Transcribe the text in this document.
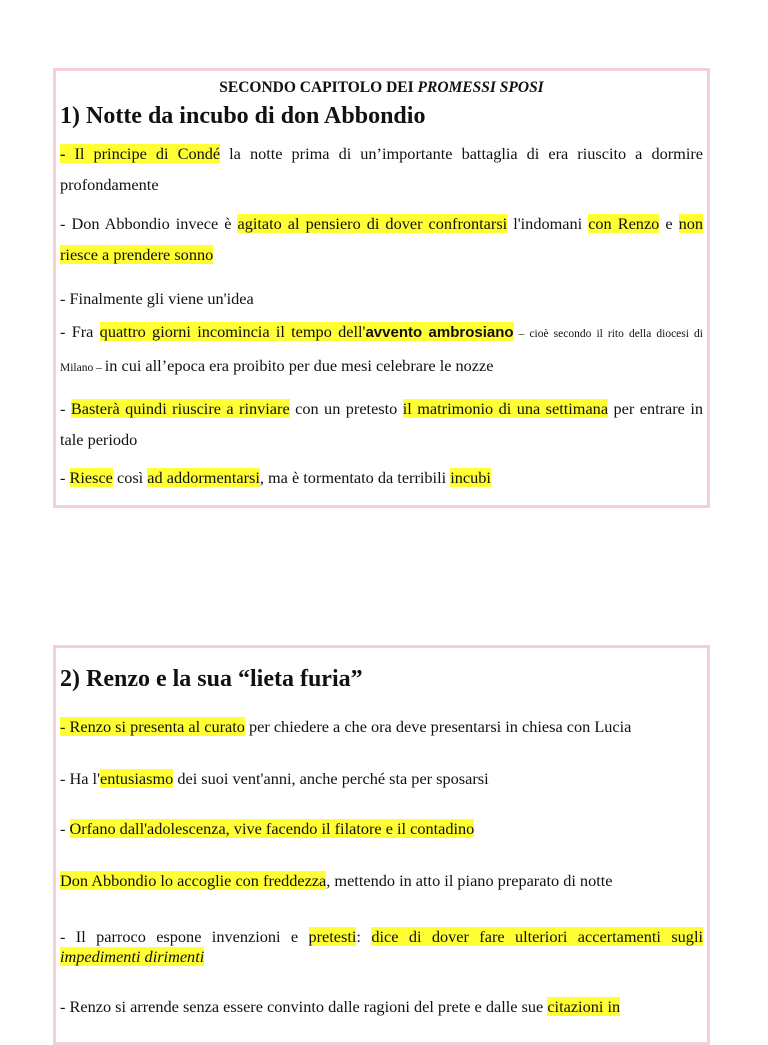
SECONDO CAPITOLO DEI PROMESSI SPOSI
1) Notte da incubo di don Abbondio

- Il principe di Condé la notte prima di un’importante battaglia di era riuscito a dormire profondamente

- Don Abbondio invece è agitato al pensiero di dover confrontarsi l'indomani con Renzo e non riesce a prendere sonno

- Finalmente gli viene un'idea

- Fra quattro giorni incomincia il tempo dell'avvento ambrosiano – cioè secondo il rito della diocesi di Milano – in cui all’epoca era proibito per due mesi celebrare le nozze

- Basterà quindi riuscire a rinviare con un pretesto il matrimonio di una settimana per entrare in tale periodo

- Riesce così ad addormentarsi, ma è tormentato da terribili incubi

2) Renzo e la sua “lieta furia”

- Renzo si presenta al curato per chiedere a che ora deve presentarsi in chiesa con Lucia

- Ha l'entusiasmo dei suoi vent'anni, anche perché sta per sposarsi

- Orfano dall'adolescenza, vive facendo il filatore e il contadino

Don Abbondio lo accoglie con freddezza, mettendo in atto il piano preparato di notte

- Il parroco espone invenzioni e pretesti: dice di dover fare ulteriori accertamenti sugli impedimenti dirimenti

- Renzo si arrende senza essere convinto dalle ragioni del prete e dalle sue citazioni in
